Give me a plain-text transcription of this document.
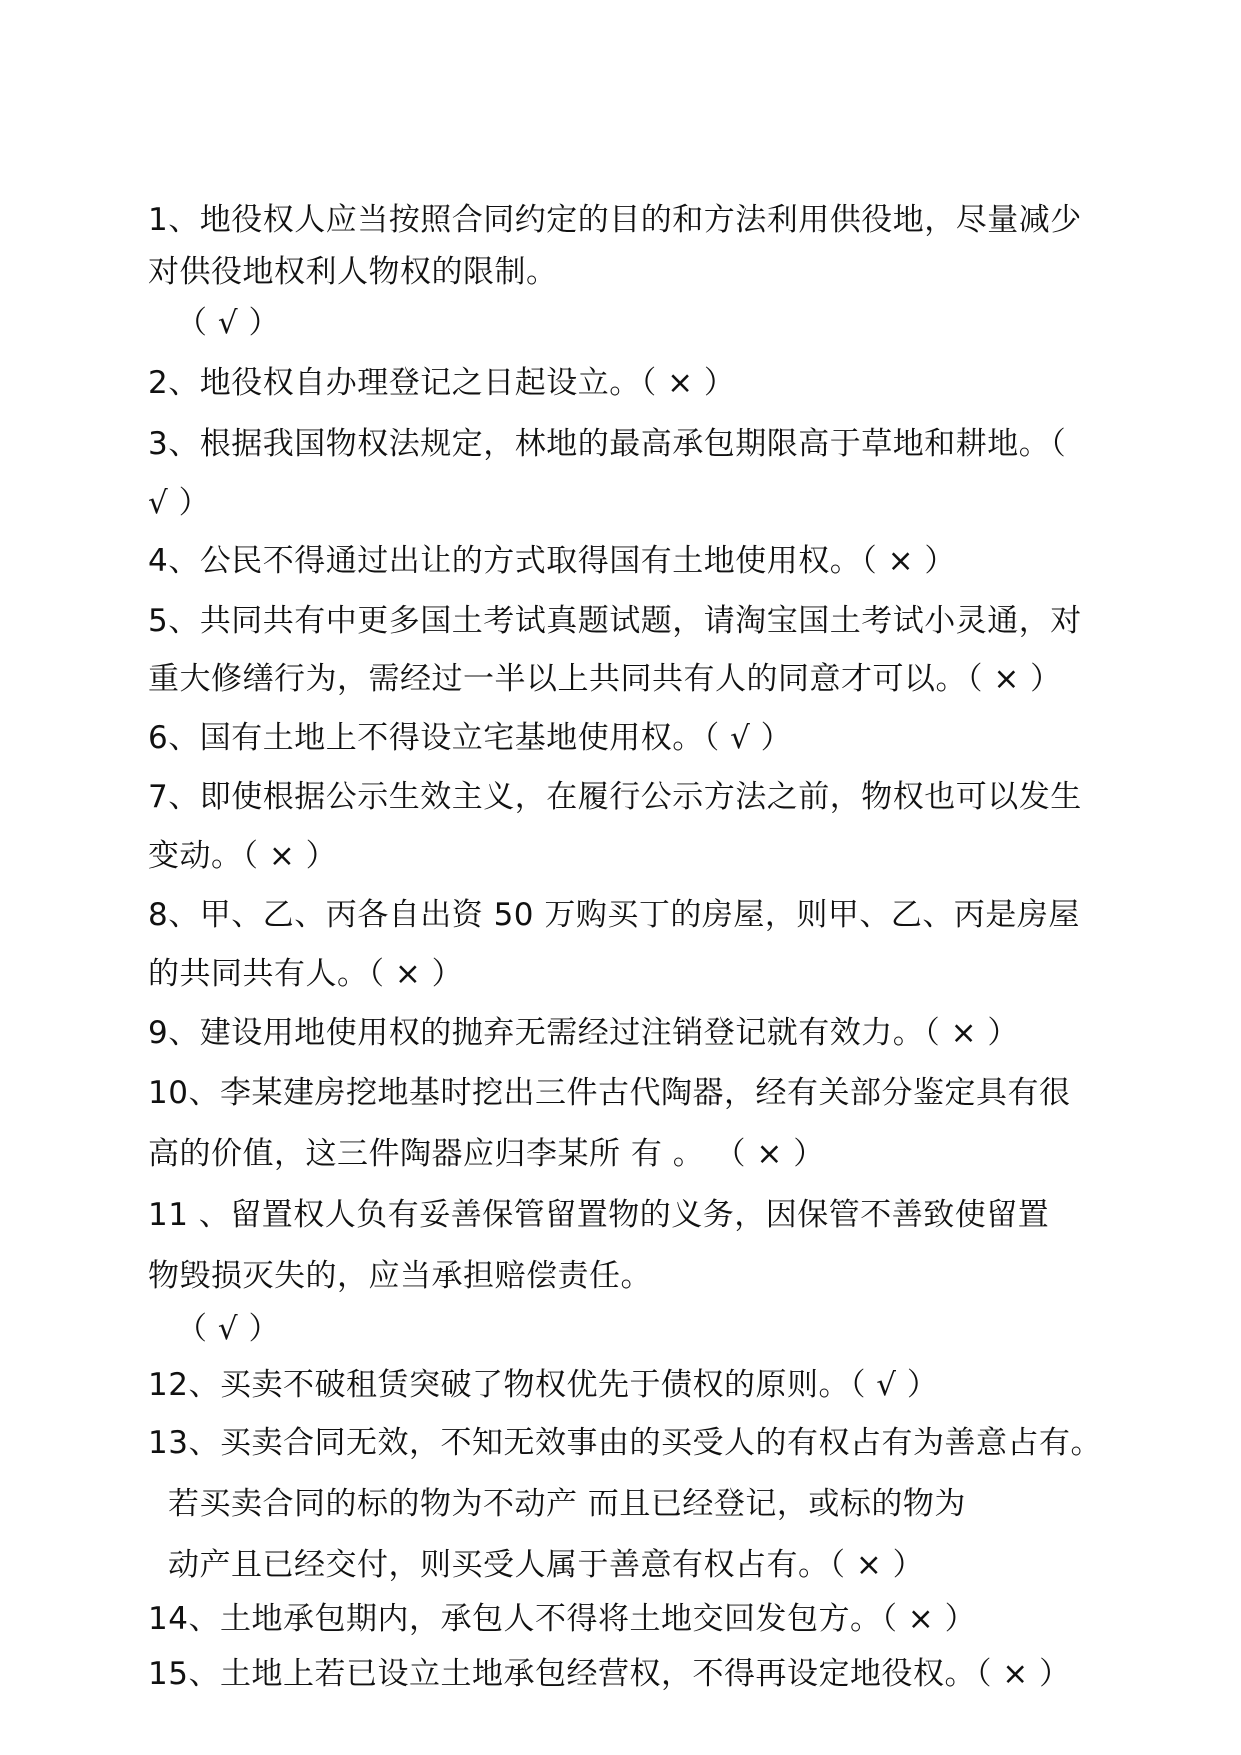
1、地役权人应当按照合同约定的目的和方法利用供役地，尽量减少
对供役地权利人物权的限制。
（ √ ）
2、地役权自办理登记之日起设立。（ × ）
3、根据我国物权法规定，林地的最高承包期限高于草地和耕地。（
√ ）
4、公民不得通过出让的方式取得国有土地使用权。（ × ）
5、共同共有中更多国土考试真题试题，请淘宝国土考试小灵通，对
重大修缮行为，需经过一半以上共同共有人的同意才可以。（ × ）
6、国有土地上不得设立宅基地使用权。（ √ ）
7、即使根据公示生效主义，在履行公示方法之前，物权也可以发生
变动。（ × ）
8、甲、乙、丙各自出资 50 万购买丁的房屋，则甲、乙、丙是房屋
的共同共有人。（ × ）
9、建设用地使用权的抛弃无需经过注销登记就有效力。（ × ）
10、李某建房挖地基时挖出三件古代陶器，经有关部分鉴定具有很
高的价值，这三件陶器应归李某所 有 。 （ × ）
11 、留置权人负有妥善保管留置物的义务，因保管不善致使留置
物毁损灭失的，应当承担赔偿责任。
（ √ ）
12、买卖不破租赁突破了物权优先于债权的原则。（ √ ）
13、买卖合同无效，不知无效事由的买受人的有权占有为善意占有。
若买卖合同的标的物为不动产 而且已经登记，或标的物为
动产且已经交付，则买受人属于善意有权占有。（ × ）
14、土地承包期内，承包人不得将土地交回发包方。（ × ）
15、土地上若已设立土地承包经营权，不得再设定地役权。（ × ）
